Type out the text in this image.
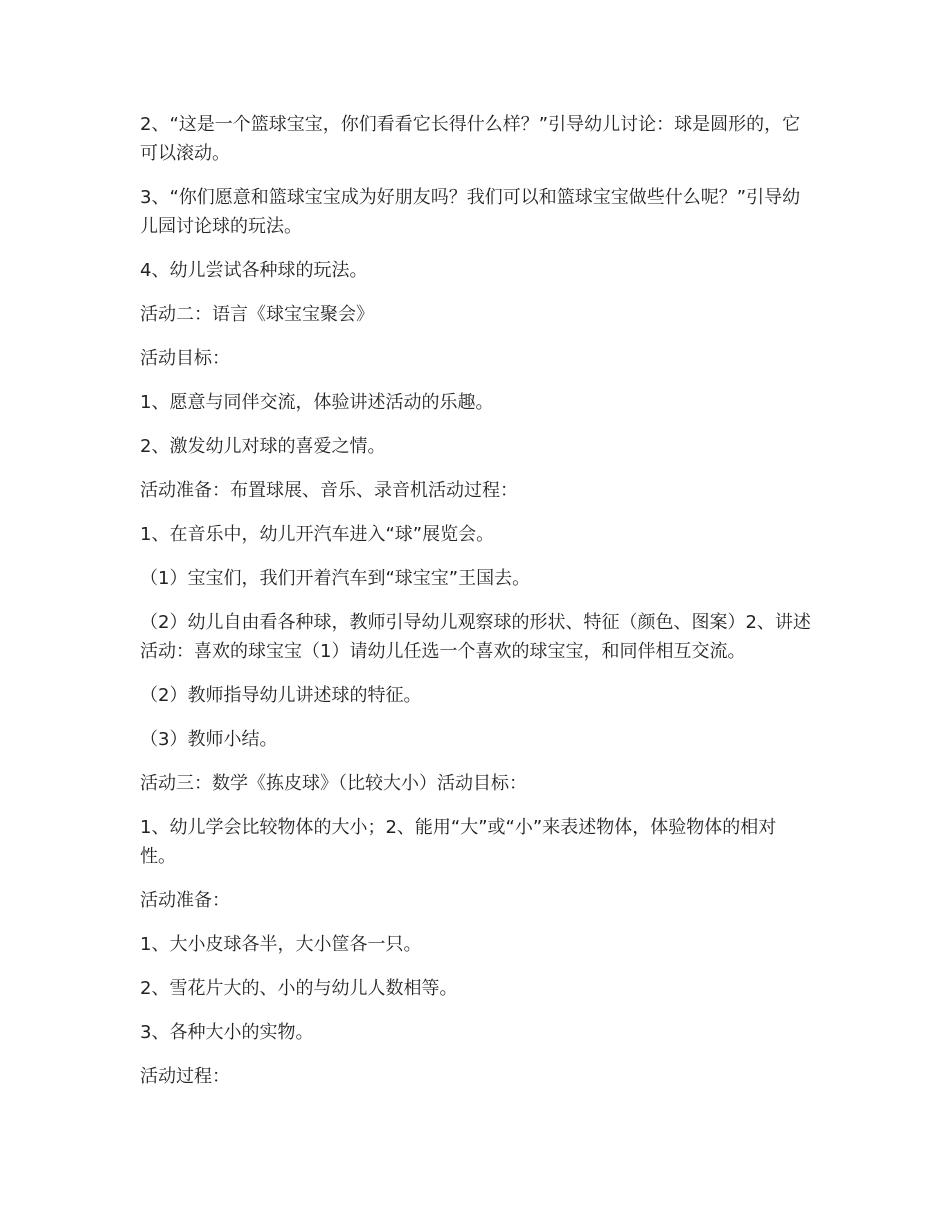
2、“这是一个篮球宝宝，你们看看它长得什么样？”引导幼儿讨论：球是圆形的，它可以滚动。

3、“你们愿意和篮球宝宝成为好朋友吗？我们可以和篮球宝宝做些什么呢？”引导幼儿园讨论球的玩法。

4、幼儿尝试各种球的玩法。

活动二：语言《球宝宝聚会》

活动目标：

1、愿意与同伴交流，体验讲述活动的乐趣。

2、激发幼儿对球的喜爱之情。

活动准备：布置球展、音乐、录音机活动过程：

1、在音乐中，幼儿开汽车进入“球”展览会。

（1）宝宝们，我们开着汽车到“球宝宝”王国去。

（2）幼儿自由看各种球，教师引导幼儿观察球的形状、特征（颜色、图案）2、讲述活动：喜欢的球宝宝（1）请幼儿任选一个喜欢的球宝宝，和同伴相互交流。

（2）教师指导幼儿讲述球的特征。

（3）教师小结。

活动三：数学《拣皮球》（比较大小）活动目标：

1、幼儿学会比较物体的大小；2、能用“大”或“小”来表述物体，体验物体的相对性。

活动准备：

1、大小皮球各半，大小筐各一只。

2、雪花片大的、小的与幼儿人数相等。

3、各种大小的实物。

活动过程：
